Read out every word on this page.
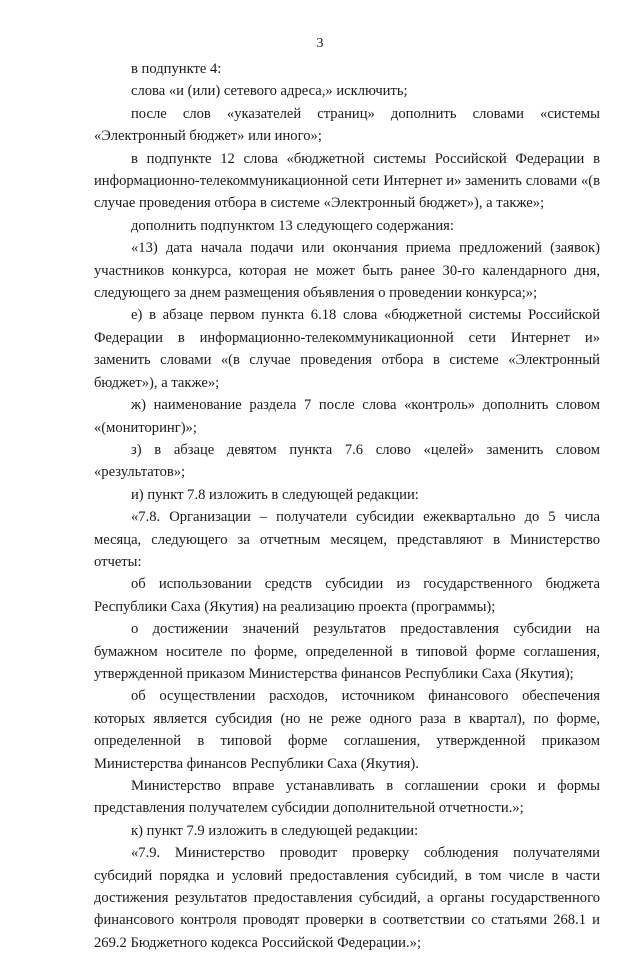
3

в подпункте 4:

слова «и (или) сетевого адреса,» исключить;

после слов «указателей страниц» дополнить словами «системы «Электронный бюджет» или иного»;

в подпункте 12 слова «бюджетной системы Российской Федерации в информационно-телекоммуникационной сети Интернет и» заменить словами «(в случае проведения отбора в системе «Электронный бюджет»), а также»;

дополнить подпунктом 13 следующего содержания:

«13) дата начала подачи или окончания приема предложений (заявок) участников конкурса, которая не может быть ранее 30-го календарного дня, следующего за днем размещения объявления о проведении конкурса;»;

е) в абзаце первом пункта 6.18 слова «бюджетной системы Российской Федерации в информационно-телекоммуникационной сети Интернет и» заменить словами «(в случае проведения отбора в системе «Электронный бюджет»), а также»;

ж) наименование раздела 7 после слова «контроль» дополнить словом «(мониторинг)»;

з) в абзаце девятом пункта 7.6 слово «целей» заменить словом «результатов»;

и) пункт 7.8 изложить в следующей редакции:

«7.8. Организации – получатели субсидии ежеквартально до 5 числа месяца, следующего за отчетным месяцем, представляют в Министерство отчеты:

об использовании средств субсидии из государственного бюджета Республики Саха (Якутия) на реализацию проекта (программы);

о достижении значений результатов предоставления субсидии на бумажном носителе по форме, определенной в типовой форме соглашения, утвержденной приказом Министерства финансов Республики Саха (Якутия);

об осуществлении расходов, источником финансового обеспечения которых является субсидия (но не реже одного раза в квартал), по форме, определенной в типовой форме соглашения, утвержденной приказом Министерства финансов Республики Саха (Якутия).

Министерство вправе устанавливать в соглашении сроки и формы представления получателем субсидии дополнительной отчетности.»;

к) пункт 7.9 изложить в следующей редакции:

«7.9. Министерство проводит проверку соблюдения получателями субсидий порядка и условий предоставления субсидий, в том числе в части достижения результатов предоставления субсидий, а органы государственного финансового контроля проводят проверки в соответствии со статьями 268.1 и 269.2 Бюджетного кодекса Российской Федерации.»;
